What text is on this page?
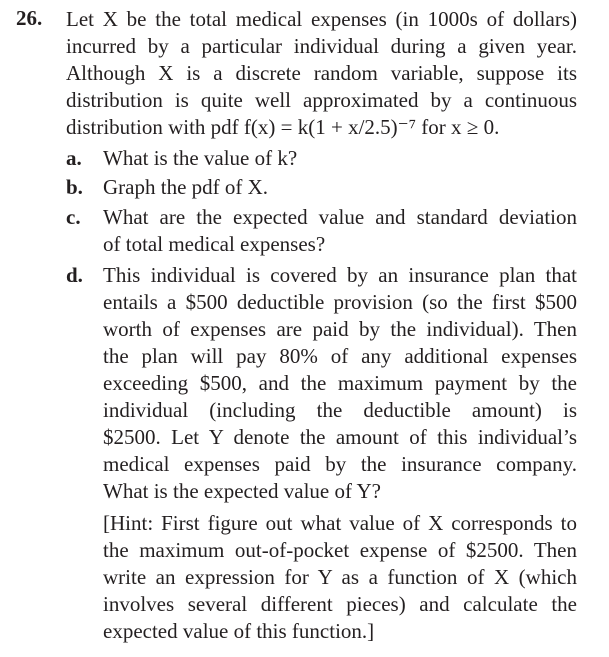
26. Let X be the total medical expenses (in 1000s of dollars)
incurred by a particular individual during a given year.
Although X is a discrete random variable, suppose its
distribution is quite well approximated by a continuous
distribution with pdf f(x) = k(1 + x/2.5)⁻⁷ for x ≥ 0.
a. What is the value of k?
b. Graph the pdf of X.
c. What are the expected value and standard deviation
of total medical expenses?
d. This individual is covered by an insurance plan that
entails a $500 deductible provision (so the first $500
worth of expenses are paid by the individual). Then
the plan will pay 80% of any additional expenses
exceeding $500, and the maximum payment by the
individual (including the deductible amount) is
$2500. Let Y denote the amount of this individual’s
medical expenses paid by the insurance company.
What is the expected value of Y?
[Hint: First figure out what value of X corresponds to
the maximum out-of-pocket expense of $2500. Then
write an expression for Y as a function of X (which
involves several different pieces) and calculate the
expected value of this function.]
